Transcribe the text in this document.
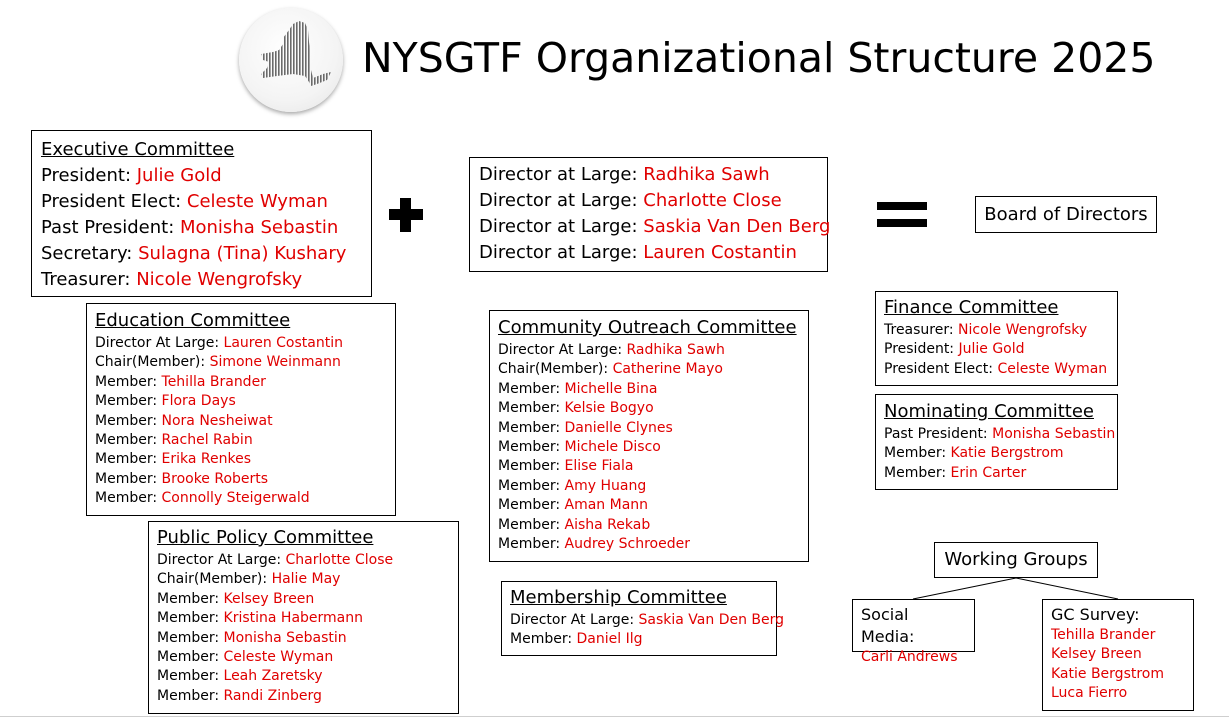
NYSGTF Organizational Structure 2025
Executive Committee
President: Julie Gold
President Elect: Celeste Wyman
Past President: Monisha Sebastin
Secretary: Sulagna (Tina) Kushary
Treasurer: Nicole Wengrofsky
Director at Large: Radhika Sawh
Director at Large: Charlotte Close
Director at Large: Saskia Van Den Berg
Director at Large: Lauren Costantin
Board of Directors
Education Committee
Director At Large: Lauren Costantin
Chair(Member): Simone Weinmann
Member: Tehilla Brander
Member: Flora Days
Member: Nora Nesheiwat
Member: Rachel Rabin
Member: Erika Renkes
Member: Brooke Roberts
Member: Connolly Steigerwald
Public Policy Committee
Director At Large: Charlotte Close
Chair(Member): Halie May
Member: Kelsey Breen
Member: Kristina Habermann
Member: Monisha Sebastin
Member: Celeste Wyman
Member: Leah Zaretsky
Member: Randi Zinberg
Community Outreach Committee
Director At Large: Radhika Sawh
Chair(Member): Catherine Mayo
Member: Michelle Bina
Member: Kelsie Bogyo
Member: Danielle Clynes
Member: Michele Disco
Member: Elise Fiala
Member: Amy Huang
Member: Aman Mann
Member: Aisha Rekab
Member: Audrey Schroeder
Membership Committee
Director At Large: Saskia Van Den Berg
Member: Daniel Ilg
Finance Committee
Treasurer: Nicole Wengrofsky
President: Julie Gold
President Elect: Celeste Wyman
Nominating Committee
Past President: Monisha Sebastin
Member: Katie Bergstrom
Member: Erin Carter
Working Groups
Social Media:
Carli Andrews
GC Survey:
Tehilla Brander
Kelsey Breen
Katie Bergstrom
Luca Fierro
